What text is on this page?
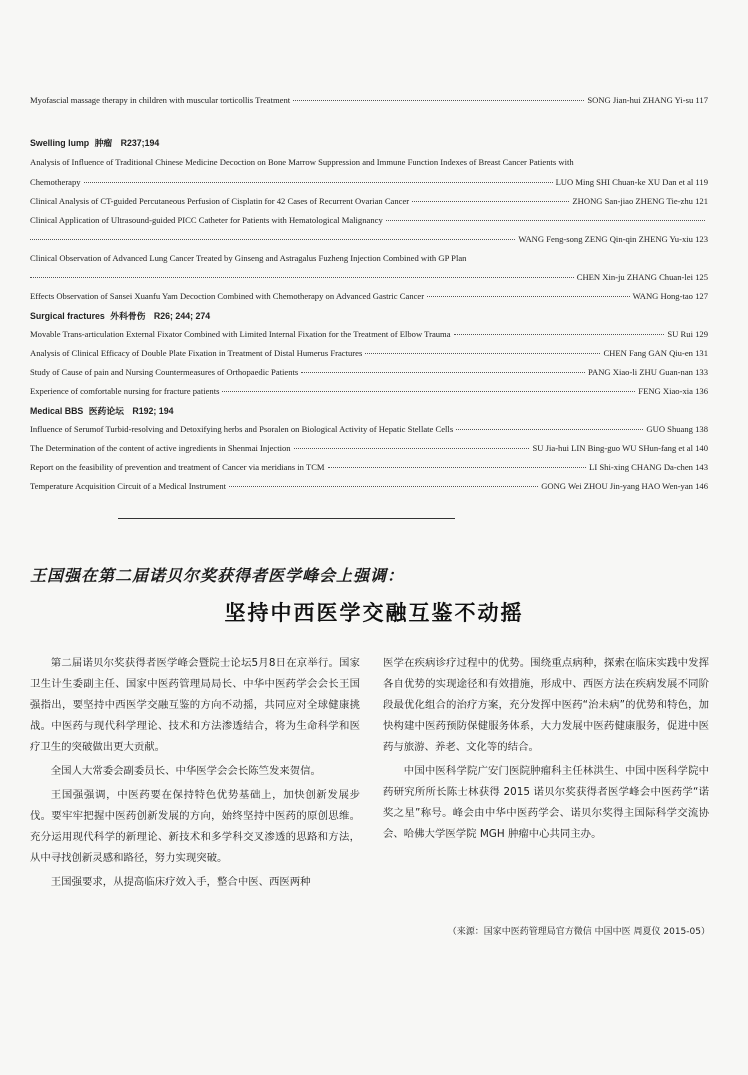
Myofascial massage therapy in children with muscular torticollis Treatment	SONG Jian-hui ZHANG Yi-su 117
Swelling lump 肿瘤 R237;194
Analysis of Influence of Traditional Chinese Medicine Decoction on Bone Marrow Suppression and Immune Function Indexes of Breast Cancer Patients with
Chemotherapy	LUO Ming SHI Chuan-ke XU Dan et al 119
Clinical Analysis of CT-guided Percutaneous Perfusion of Cisplatin for 42 Cases of Recurrent Ovarian Cancer	ZHONG San-jiao ZHENG Tie-zhu 121
Clinical Application of Ultrasound-guided PICC Catheter for Patients with Hematological Malignancy
WANG Feng-song ZENG Qin-qin ZHENG Yu-xiu 123
Clinical Observation of Advanced Lung Cancer Treated by Ginseng and Astragalus Fuzheng Injection Combined with GP Plan
CHEN Xin-ju ZHANG Chuan-lei 125
Effects Observation of Sansei Xuanfu Yam Decoction Combined with Chemotherapy on Advanced Gastric Cancer	WANG Hong-tao 127
Surgical fractures 外科骨伤 R26; 244; 274
Movable Trans-articulation External Fixator Combined with Limited Internal Fixation for the Treatment of Elbow Trauma	SU Rui 129
Analysis of Clinical Efficacy of Double Plate Fixation in Treatment of Distal Humerus Fractures	CHEN Fang GAN Qiu-en 131
Study of Cause of pain and Nursing Countermeasures of Orthopaedic Patients	PANG Xiao-li ZHU Guan-nan 133
Experience of comfortable nursing for fracture patients	FENG Xiao-xia 136
Medical BBS 医药论坛 R192; 194
Influence of Serumof Turbid-resolving and Detoxifying herbs and Psoralen on Biological Activity of Hepatic Stellate Cells	GUO Shuang 138
The Determination of the content of active ingredients in Shenmai Injection	SU Jia-hui LIN Bing-guo WU SHun-fang et al 140
Report on the feasibility of prevention and treatment of Cancer via meridians in TCM	LI Shi-xing CHANG Da-chen 143
Temperature Acquisition Circuit of a Medical Instrument	GONG Wei ZHOU Jin-yang HAO Wen-yan 146
王国强在第二届诺贝尔奖获得者医学峰会上强调：
坚持中西医学交融互鉴不动摇

第二届诺贝尔奖获得者医学峰会暨院士论坛5月8日在京举行。国家卫生计生委副主任、国家中医药管理局局长、中华中医药学会会长王国强指出，要坚持中西医学交融互鉴的方向不动摇，共同应对全球健康挑战。中医药与现代科学理论、技术和方法渗透结合，将为生命科学和医疗卫生的突破做出更大贡献。

全国人大常委会副委员长、中华医学会会长陈竺发来贺信。

王国强强调，中医药要在保持特色优势基础上，加快创新发展步伐。要牢牢把握中医药创新发展的方向，始终坚持中医药的原创思维。充分运用现代科学的新理论、新技术和多学科交叉渗透的思路和方法，从中寻找创新灵感和路径，努力实现突破。

王国强要求，从提高临床疗效入手，整合中医、西医两种

医学在疾病诊疗过程中的优势。围绕重点病种，探索在临床实践中发挥各自优势的实现途径和有效措施，形成中、西医方法在疾病发展不同阶段最优化组合的治疗方案，充分发挥中医药“治未病”的优势和特色，加快构建中医药预防保健服务体系，大力发展中医药健康服务，促进中医药与旅游、养老、文化等的结合。

中国中医科学院广安门医院肿瘤科主任林洪生、中国中医科学院中药研究所所长陈士林获得 2015 诺贝尔奖获得者医学峰会中医药学“诺奖之星”称号。峰会由中华中医药学会、诺贝尔奖得主国际科学交流协会、哈佛大学医学院 MGH 肿瘤中心共同主办。

（来源：国家中医药管理局官方微信 中国中医 周夏仪 2015-05）
